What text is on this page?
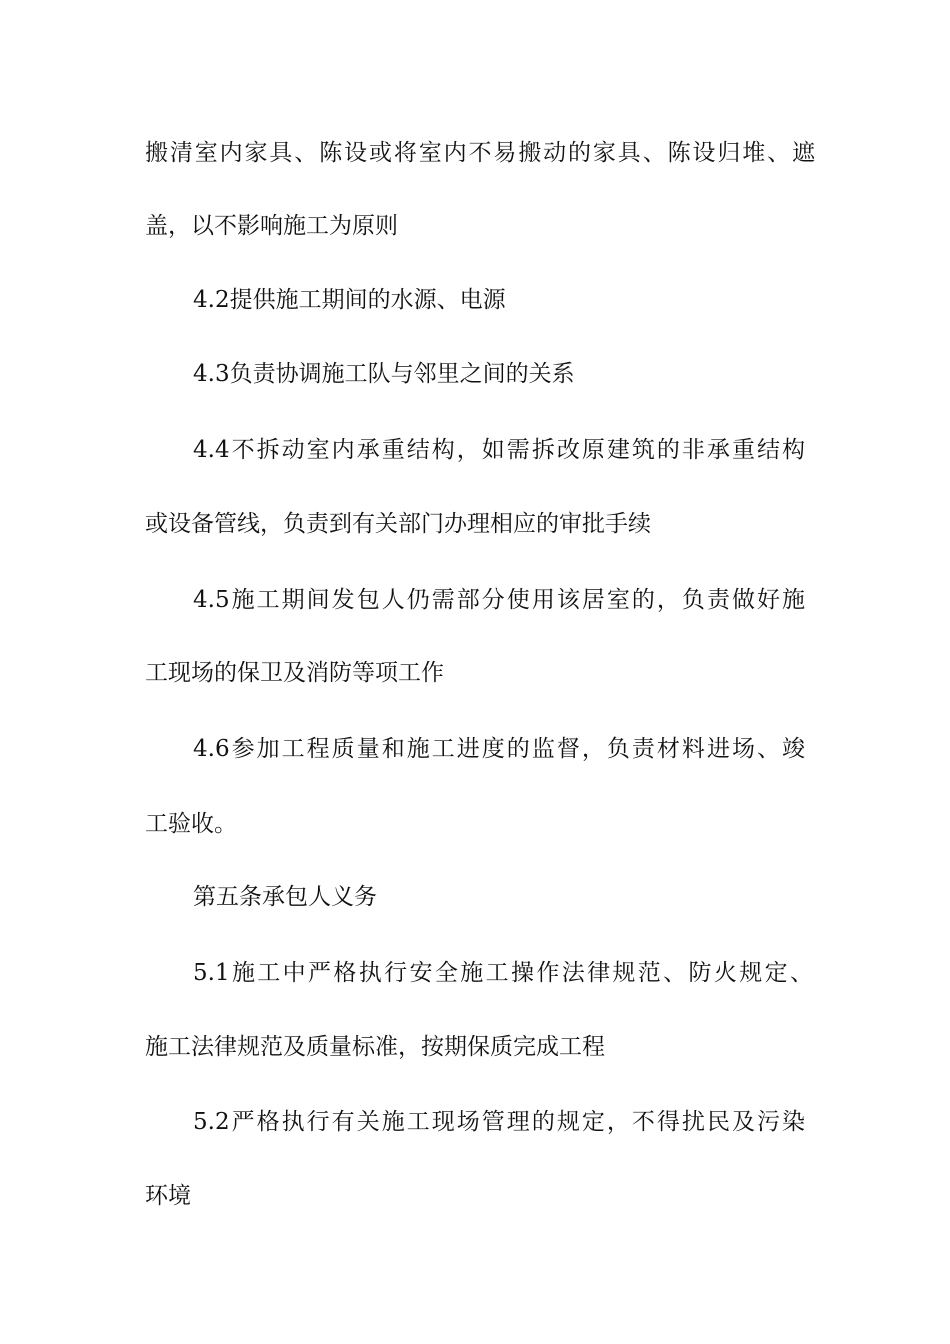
搬清室内家具、陈设或将室内不易搬动的家具、陈设归堆、遮
盖，以不影响施工为原则
4.2提供施工期间的水源、电源
4.3负责协调施工队与邻里之间的关系
4.4不拆动室内承重结构，如需拆改原建筑的非承重结构
或设备管线，负责到有关部门办理相应的审批手续
4.5施工期间发包人仍需部分使用该居室的，负责做好施
工现场的保卫及消防等项工作
4.6参加工程质量和施工进度的监督，负责材料进场、竣
工验收。
第五条承包人义务
5.1施工中严格执行安全施工操作法律规范、防火规定、
施工法律规范及质量标准，按期保质完成工程
5.2严格执行有关施工现场管理的规定，不得扰民及污染
环境
